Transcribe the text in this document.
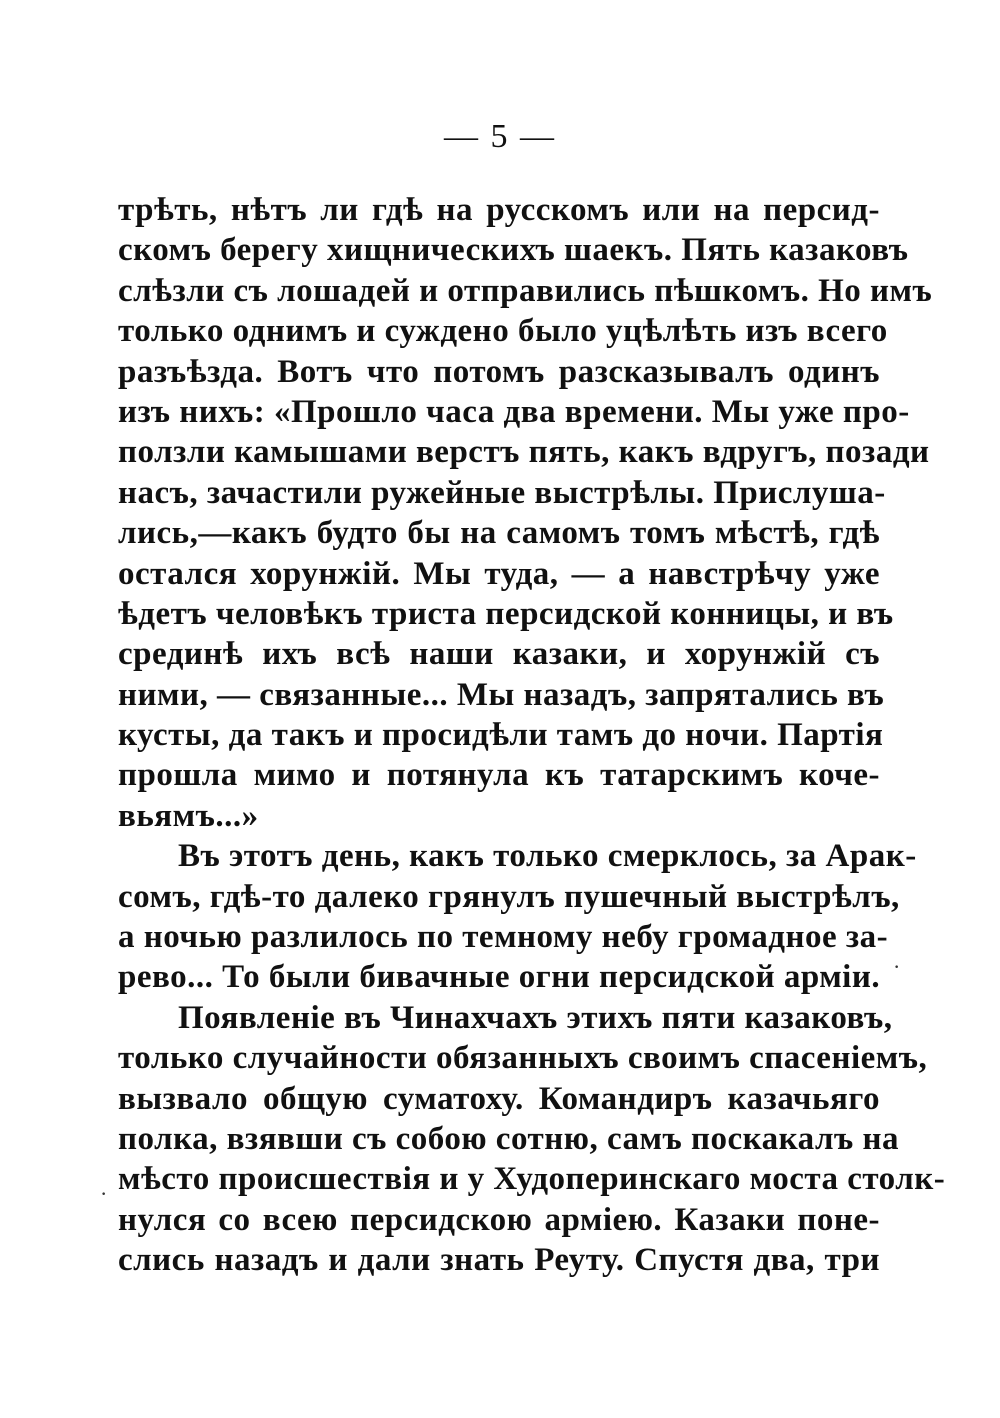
— 5 —
трѣть, нѣтъ ли гдѣ на русскомъ или на персид-
скомъ берегу хищническихъ шаекъ. Пять казаковъ
слѣзли съ лошадей и отправились пѣшкомъ. Но имъ
только однимъ и суждено было уцѣлѣть изъ всего
разъѣзда. Вотъ что потомъ разсказывалъ одинъ
изъ нихъ: «Прошло часа два времени. Мы уже про-
ползли камышами верстъ пять, какъ вдругъ, позади
насъ, зачастили ружейные выстрѣлы. Прислуша-
лись,—какъ будто бы на самомъ томъ мѣстѣ, гдѣ
остался хорунжій. Мы туда, — а навстрѣчу уже
ѣдетъ человѣкъ триста персидской конницы, и въ
срединѣ ихъ всѣ наши казаки, и хорунжій съ
ними, — связанные... Мы назадъ, запрятались въ
кусты, да такъ и просидѣли тамъ до ночи. Партія
прошла мимо и потянула къ татарскимъ коче-
вьямъ...»
Въ этотъ день, какъ только смерклось, за Арак-
сомъ, гдѣ-то далеко грянулъ пушечный выстрѣлъ,
а ночью разлилось по темному небу громадное за-
рево... То были бивачные огни персидской арміи.
Появленіе въ Чинахчахъ этихъ пяти казаковъ,
только случайности обязанныхъ своимъ спасеніемъ,
вызвало общую суматоху. Командиръ казачьяго
полка, взявши съ собою сотню, самъ поскакалъ на
мѣсто происшествія и у Худоперинскаго моста столк-
нулся со всею персидскою арміею. Казаки поне-
слись назадъ и дали знать Реуту. Спустя два, три
·
·
